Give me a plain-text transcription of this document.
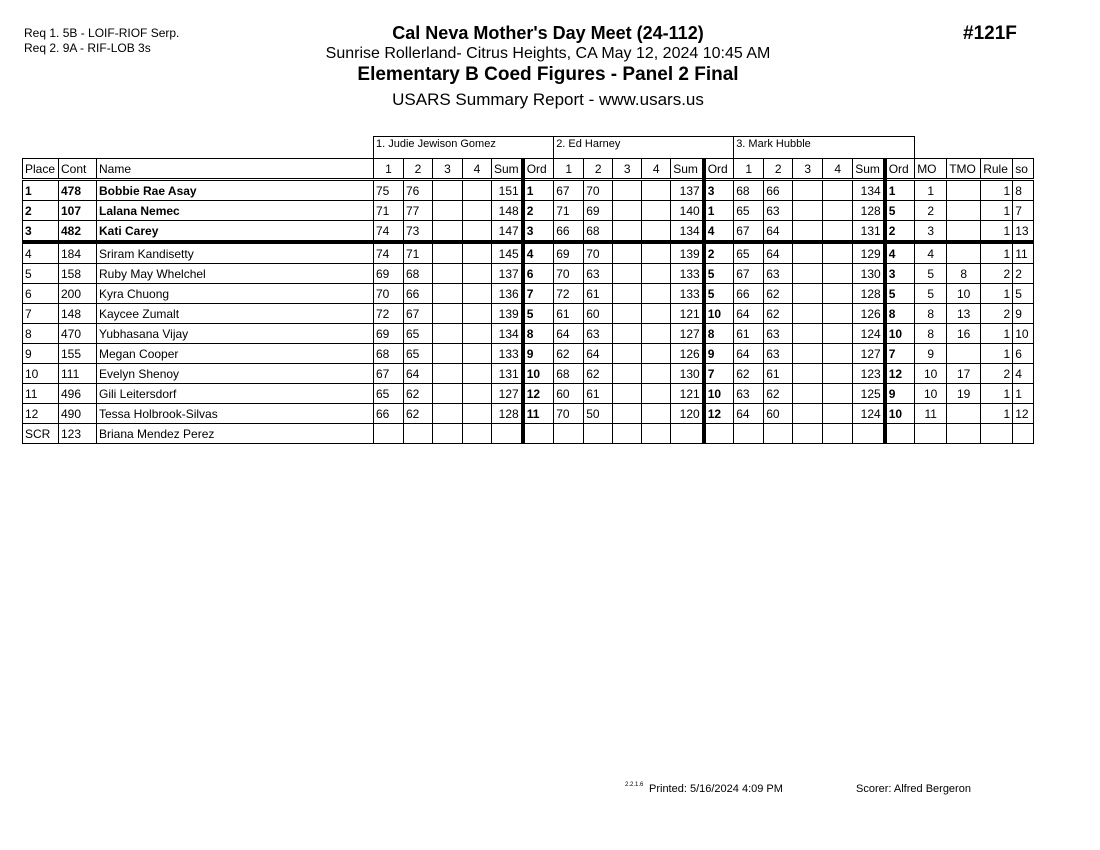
Req 1. 5B - LOIF-RIOF Serp.
Req 2. 9A - RIF-LOB 3s
Cal Neva Mother's Day Meet (24-112)
Sunrise Rollerland- Citrus Heights, CA May 12, 2024 10:45 AM
Elementary B Coed Figures - Panel 2 Final
USARS Summary Report - www.usars.us
#121F
			1. Judie Jewison Gomez						2. Ed Harney						3. Mark Hubble									
Place	Cont	Name	1	2	3	4	Sum	Ord	1	2	3	4	Sum	Ord	1	2	3	4	Sum	Ord	MO	TMO	Rule	so
1	478	Bobbie Rae Asay	75	76			151	1	67	70			137	3	68	66			134	1	1		1	8
2	107	Lalana Nemec	71	77			148	2	71	69			140	1	65	63			128	5	2		1	7
3	482	Kati Carey	74	73			147	3	66	68			134	4	67	64			131	2	3		1	13
4	184	Sriram Kandisetty	74	71			145	4	69	70			139	2	65	64			129	4	4		1	11
5	158	Ruby May Whelchel	69	68			137	6	70	63			133	5	67	63			130	3	5	8	2	2
6	200	Kyra Chuong	70	66			136	7	72	61			133	5	66	62			128	5	5	10	1	5
7	148	Kaycee Zumalt	72	67			139	5	61	60			121	10	64	62			126	8	8	13	2	9
8	470	Yubhasana Vijay	69	65			134	8	64	63			127	8	61	63			124	10	8	16	1	10
9	155	Megan Cooper	68	65			133	9	62	64			126	9	64	63			127	7	9		1	6
10	111	Evelyn Shenoy	67	64			131	10	68	62			130	7	62	61			123	12	10	17	2	4
11	496	Gili Leitersdorf	65	62			127	12	60	61			121	10	63	62			125	9	10	19	1	1
12	490	Tessa Holbrook-Silvas	66	62			128	11	70	50			120	12	64	60			124	10	11		1	12
SCR	123	Briana Mendez Perez																						
2.2.1.6 Printed: 5/16/2024 4:09 PM	Scorer: Alfred Bergeron
